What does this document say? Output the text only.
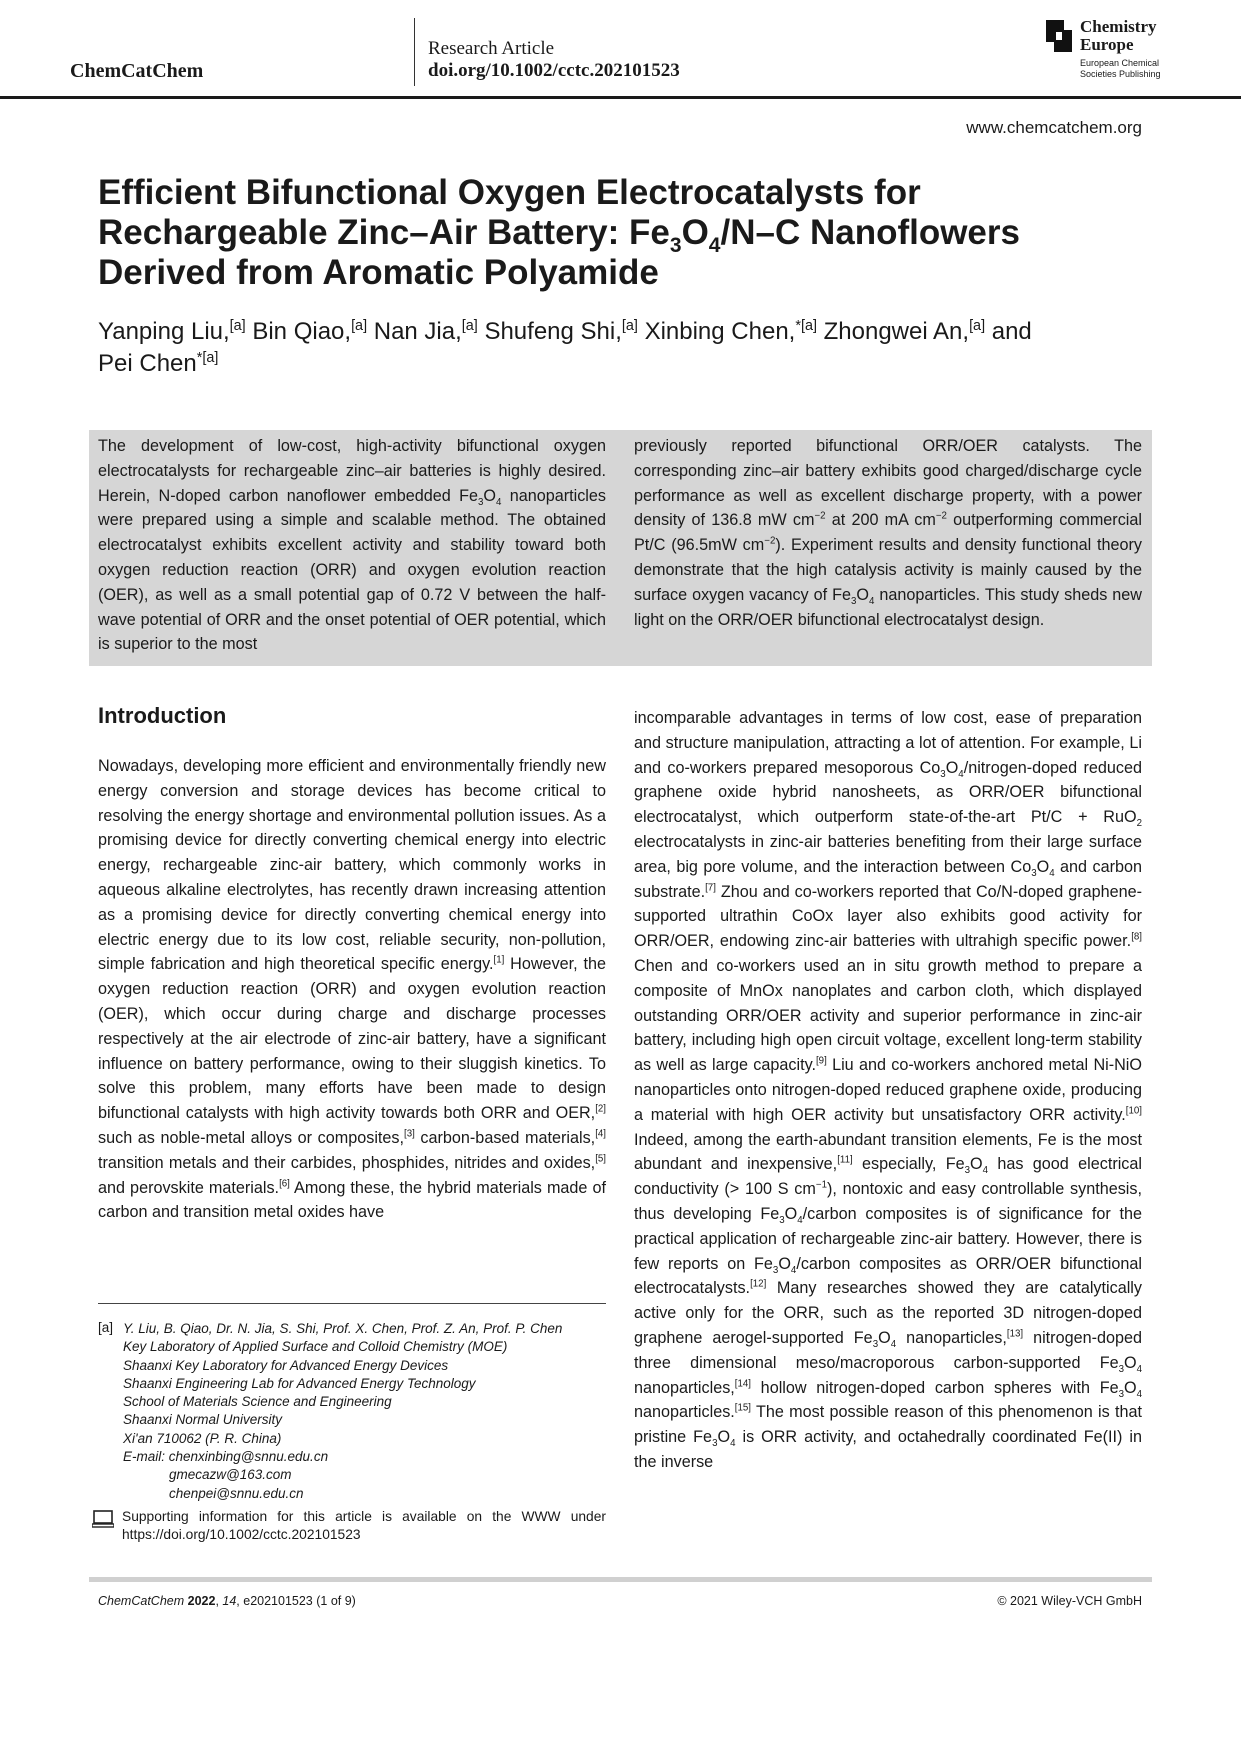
ChemCatChem
Research Article
doi.org/10.1002/cctc.202101523
Chemistry
Europe
European Chemical Societies Publishing
www.chemcatchem.org
Efficient Bifunctional Oxygen Electrocatalysts for
Rechargeable Zinc–Air Battery: $Fe_3O_4/N-C$ Nanoflowers
Derived from Aromatic Polyamide
Yanping Liu,[a] Bin Qiao,[a] Nan Jia,[a] Shufeng Shi,[a] Xinbing Chen,$^{*[a]}$ Zhongwei An,[a] and
Pei Chen$^{*[a]}$
The development of low-cost, high-activity bifunctional oxygen electrocatalysts for rechargeable zinc–air batteries is highly desired. Herein, N-doped carbon nanoflower embedded $Fe_3O_4$ nanoparticles were prepared using a simple and scalable method. The obtained electrocatalyst exhibits excellent activity and stability toward both oxygen reduction reaction (ORR) and oxygen evolution reaction (OER), as well as a small potential gap of 0.72 V between the half-wave potential of ORR and the onset potential of OER potential, which is superior to the most
previously reported bifunctional ORR/OER catalysts. The corresponding zinc–air battery exhibits good charged/discharge cycle performance as well as excellent discharge property, with a power density of 136.8 mW $cm^{-2}$ at 200 mA $cm^{-2}$ outperforming commercial Pt/C (96.5mW $cm^{-2}$). Experiment results and density functional theory demonstrate that the high catalysis activity is mainly caused by the surface oxygen vacancy of $Fe_3O_4$ nanoparticles. This study sheds new light on the ORR/OER bifunctional electrocatalyst design.
Introduction
Nowadays, developing more efficient and environmentally friendly new energy conversion and storage devices has become critical to resolving the energy shortage and environmental pollution issues. As a promising device for directly converting chemical energy into electric energy, rechargeable zinc-air battery, which commonly works in aqueous alkaline electrolytes, has recently drawn increasing attention as a promising device for directly converting chemical energy into electric energy due to its low cost, reliable security, non-pollution, simple fabrication and high theoretical specific energy.[1] However, the oxygen reduction reaction (ORR) and oxygen evolution reaction (OER), which occur during charge and discharge processes respectively at the air electrode of zinc-air battery, have a significant influence on battery performance, owing to their sluggish kinetics. To solve this problem, many efforts have been made to design bifunctional catalysts with high activity towards both ORR and OER,[2] such as noble-metal alloys or composites,[3] carbon-based materials,[4] transition metals and their carbides, phosphides, nitrides and oxides,[5] and perovskite materials.[6] Among these, the hybrid materials made of carbon and transition metal oxides have
incomparable advantages in terms of low cost, ease of preparation and structure manipulation, attracting a lot of attention. For example, Li and co-workers prepared mesoporous $Co_3O_4/nitrogen$-doped reduced graphene oxide hybrid nanosheets, as ORR/OER bifunctional electrocatalyst, which outperform state-of-the-art Pt/C + RuO$_2$ electrocatalysts in zinc-air batteries benefiting from their large surface area, big pore volume, and the interaction between $Co_3O_4$ and carbon substrate.[7] Zhou and co-workers reported that Co/N-doped graphene-supported ultrathin CoOx layer also exhibits good activity for ORR/OER, endowing zinc-air batteries with ultrahigh specific power.[8] Chen and co-workers used an in situ growth method to prepare a composite of MnOx nanoplates and carbon cloth, which displayed outstanding ORR/OER activity and superior performance in zinc-air battery, including high open circuit voltage, excellent long-term stability as well as large capacity.[9] Liu and co-workers anchored metal Ni-NiO nanoparticles onto nitrogen-doped reduced graphene oxide, producing a material with high OER activity but unsatisfactory ORR activity.[10] Indeed, among the earth-abundant transition elements, Fe is the most abundant and inexpensive,[11] especially, $Fe_3O_4$ has good electrical conductivity (> 100 S $cm^{-1}$), nontoxic and easy controllable synthesis, thus developing $Fe_3O_4$/carbon composites is of significance for the practical application of rechargeable zinc-air battery. However, there is few reports on $Fe_3O_4$/carbon composites as ORR/OER bifunctional electrocatalysts.[12] Many researches showed they are catalytically active only for the ORR, such as the reported 3D nitrogen-doped graphene aerogel-supported $Fe_3O_4$ nanoparticles,[13] nitrogen-doped three dimensional meso/macroporous carbon-supported $Fe_3O_4$ nanoparticles,[14] hollow nitrogen-doped carbon spheres with $Fe_3O_4$ nanoparticles.[15] The most possible reason of this phenomenon is that pristine $Fe_3O_4$ is ORR activity, and octahedrally coordinated Fe(II) in the inverse
[a] Y. Liu, B. Qiao, Dr. N. Jia, S. Shi, Prof. X. Chen, Prof. Z. An, Prof. P. Chen
Key Laboratory of Applied Surface and Colloid Chemistry (MOE)
Shaanxi Key Laboratory for Advanced Energy Devices
Shaanxi Engineering Lab for Advanced Energy Technology
School of Materials Science and Engineering
Shaanxi Normal University
Xi'an 710062 (P. R. China)
E-mail: chenxinbing@snnu.edu.cn
gmecazw@163.com
chenpei@snnu.edu.cn
Supporting information for this article is available on the WWW under https://doi.org/10.1002/cctc.202101523
ChemCatChem 2022, 14, e202101523 (1 of 9)	© 2021 Wiley-VCH GmbH
